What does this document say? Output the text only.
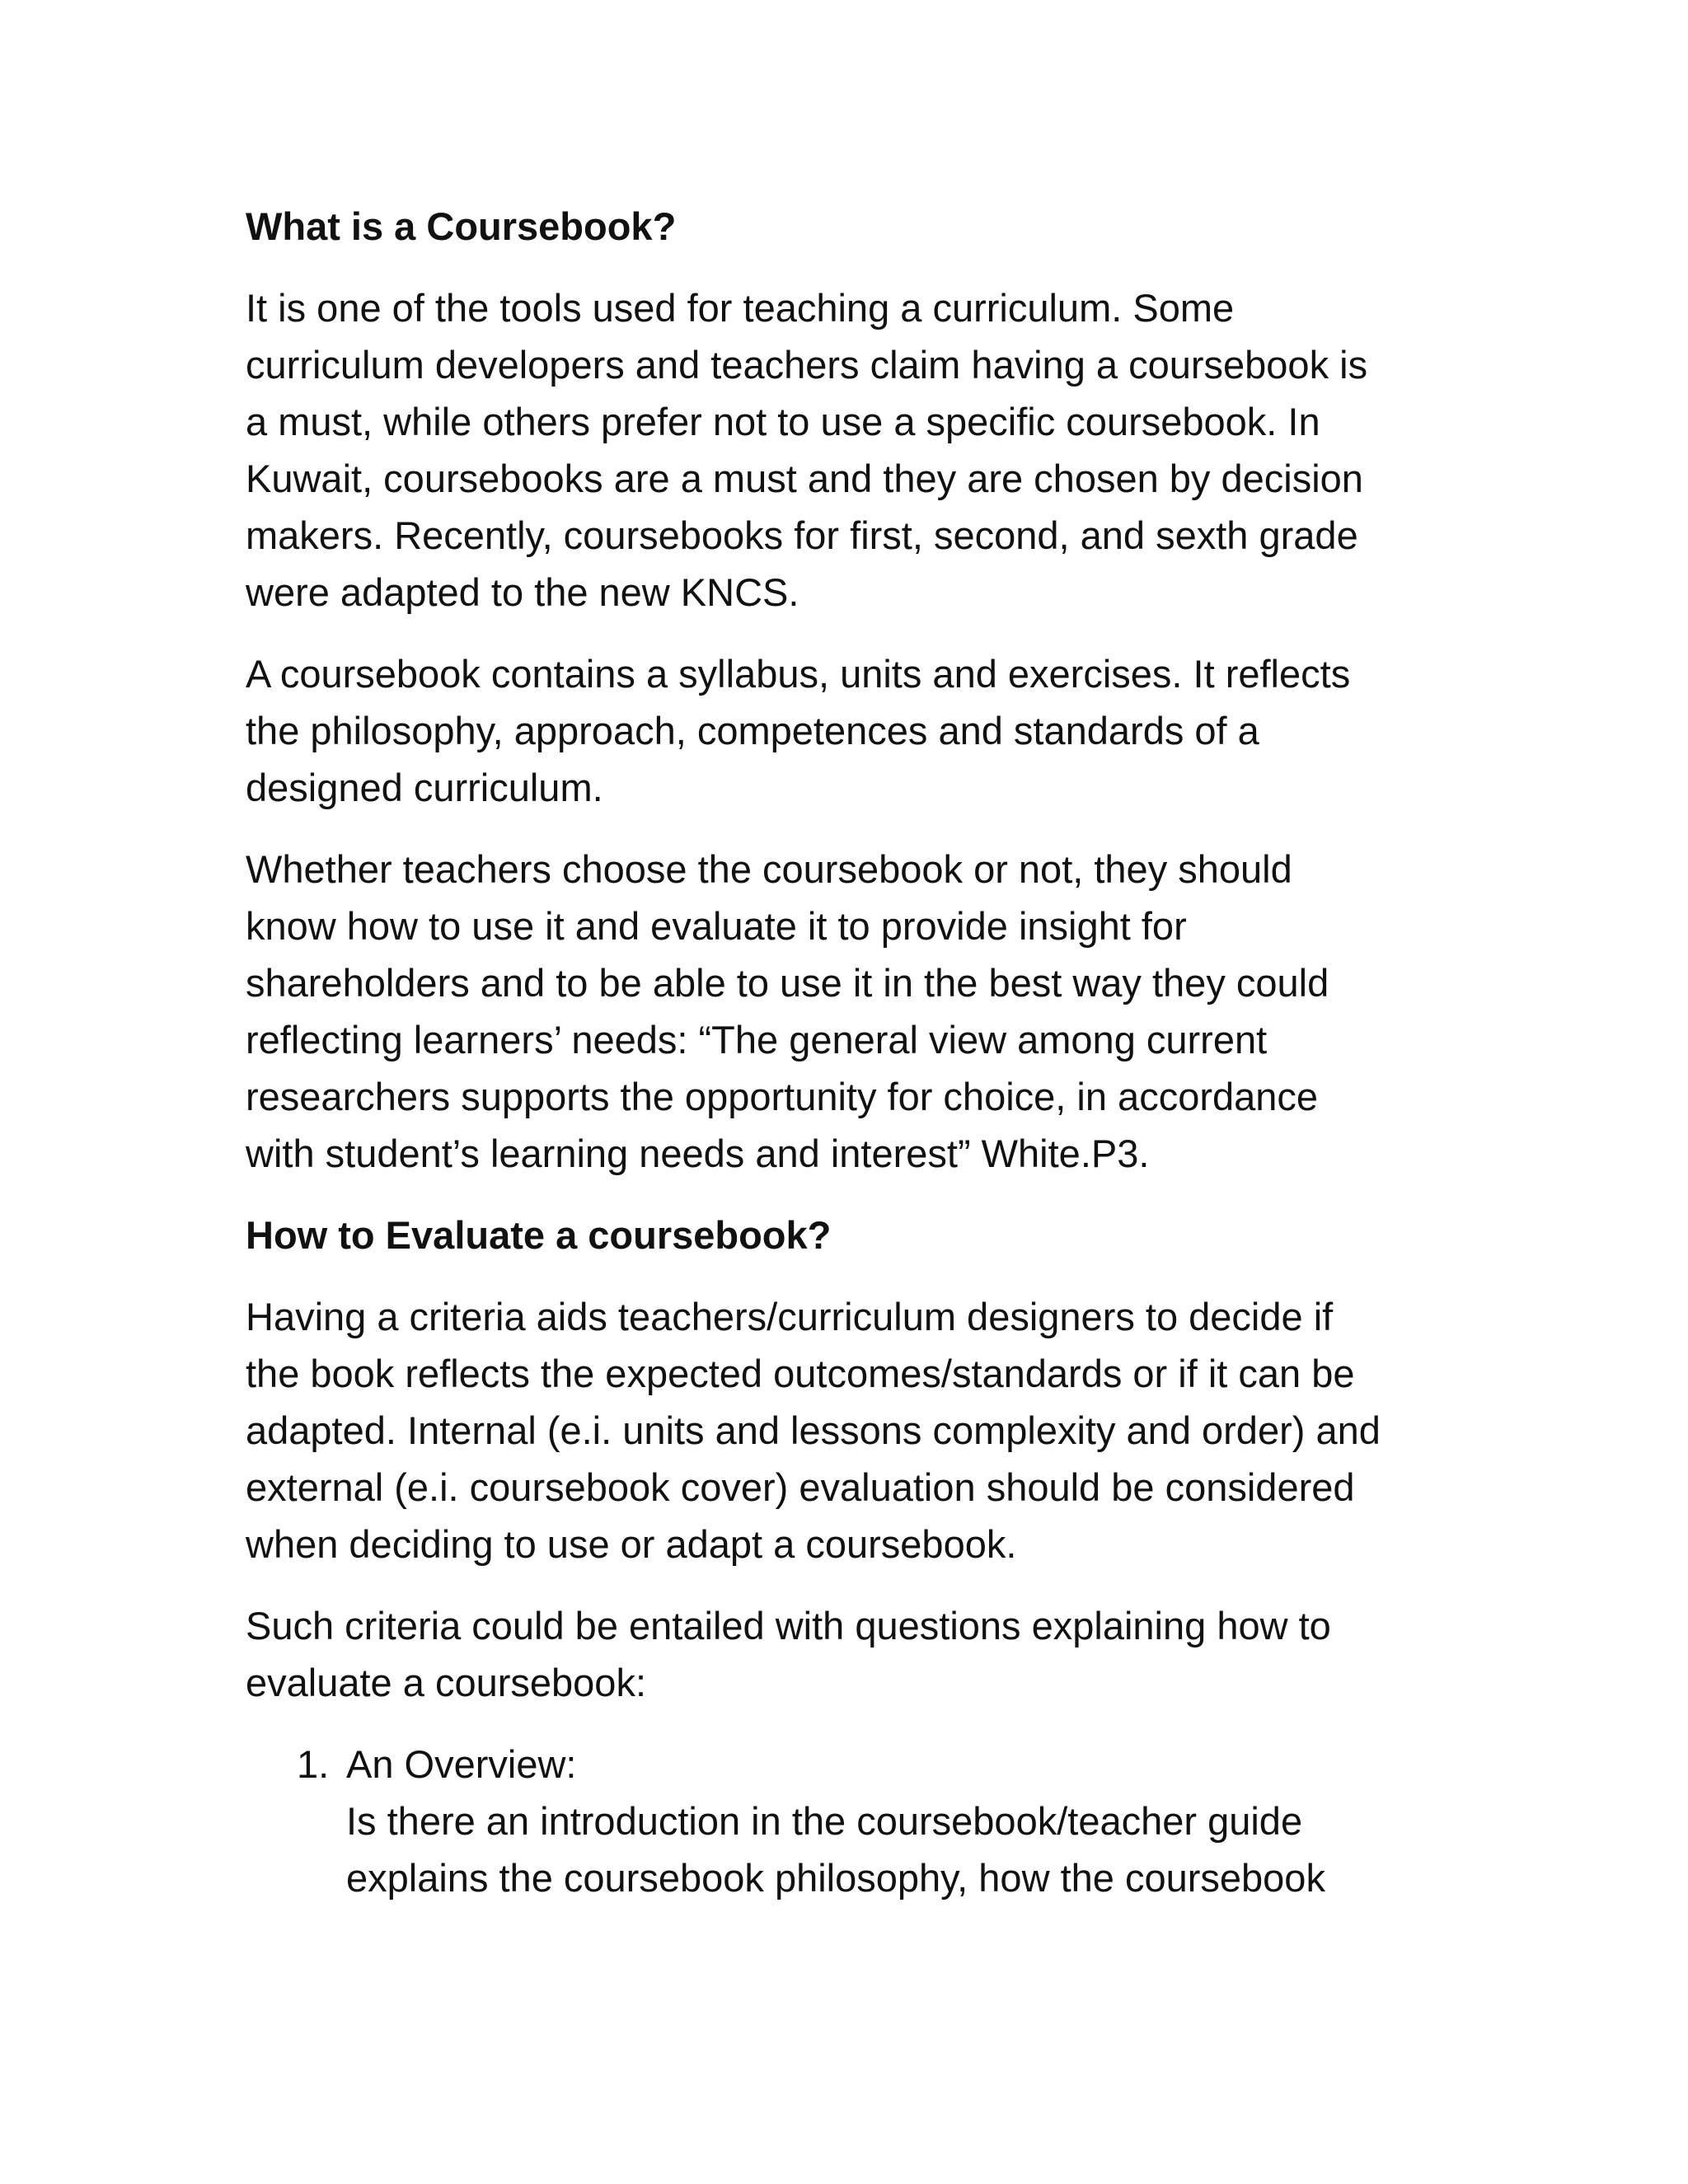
What is a Coursebook?
It is one of the tools used for teaching a curriculum. Some
curriculum developers and teachers claim having a coursebook is
a must, while others prefer not to use a specific coursebook. In
Kuwait, coursebooks are a must and they are chosen by decision
makers. Recently, coursebooks for first, second, and sexth grade
were adapted to the new KNCS.
A coursebook contains a syllabus, units and exercises. It reflects
the philosophy, approach, competences and standards of a
designed curriculum.
Whether teachers choose the coursebook or not, they should
know how to use it and evaluate it to provide insight for
shareholders and to be able to use it in the best way they could
reflecting learners’ needs: “The general view among current
researchers supports the opportunity for choice, in accordance
with student’s learning needs and interest” White.P3.
How to Evaluate a coursebook?
Having a criteria aids teachers/curriculum designers to decide if
the book reflects the expected outcomes/standards or if it can be
adapted. Internal (e.i. units and lessons complexity and order) and
external (e.i. coursebook cover) evaluation should be considered
when deciding to use or adapt a coursebook.
Such criteria could be entailed with questions explaining how to
evaluate a coursebook:
1. An Overview:
Is there an introduction in the coursebook/teacher guide
explains the coursebook philosophy, how the coursebook
